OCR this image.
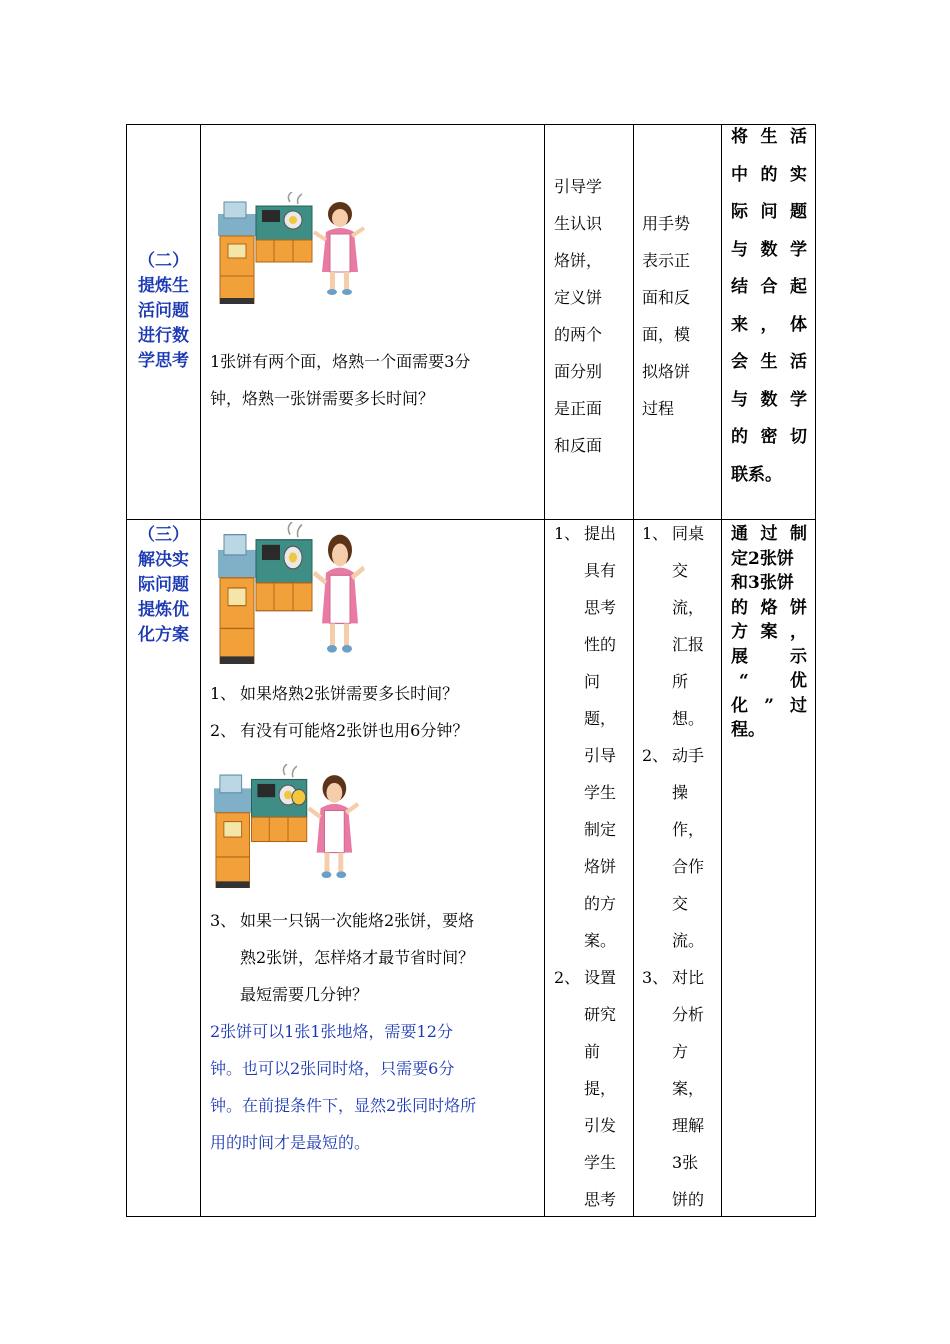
（二）
提炼生
活问题
进行数
学思考	1张饼有两个面，烙熟一个面需要3分
钟，烙熟一张饼需要多长时间？
引导学
生认识
烙饼，
定义饼
的两个
面分别
是正面
和反面
用手势
表示正
面和反
面，模
拟烙饼
过程
将生活
中的实
际问题
与数学
结合起
来，体
会生活
与数学
的密切
联系。
（三）
解决实
际问题
提炼优
化方案
1、 如果烙熟2张饼需要多长时间？
2、 有没有可能烙2张饼也用6分钟？
3、 如果一只锅一次能烙2张饼，要烙
熟2张饼，怎样烙才最节省时间？
最短需要几分钟？
2张饼可以1张1张地烙，需要12分
钟。也可以2张同时烙，只需要6分
钟。在前提条件下，显然2张同时烙所
用的时间才是最短的。
1、 提出
具有
思考
性的
问
题，
引导
学生
制定
烙饼
的方
案。
2、 设置
研究
前
提，
引发
学生
思考
1、 同桌
交
流，
汇报
所
想。
2、 动手
操
作，
合作
交
流。
3、 对比
分析
方
案，
理解
3张
饼的
通 过 制
定2张饼
和3张饼
的 烙 饼
方 案 ，
展 示
“ 优
化 ” 过
程。
